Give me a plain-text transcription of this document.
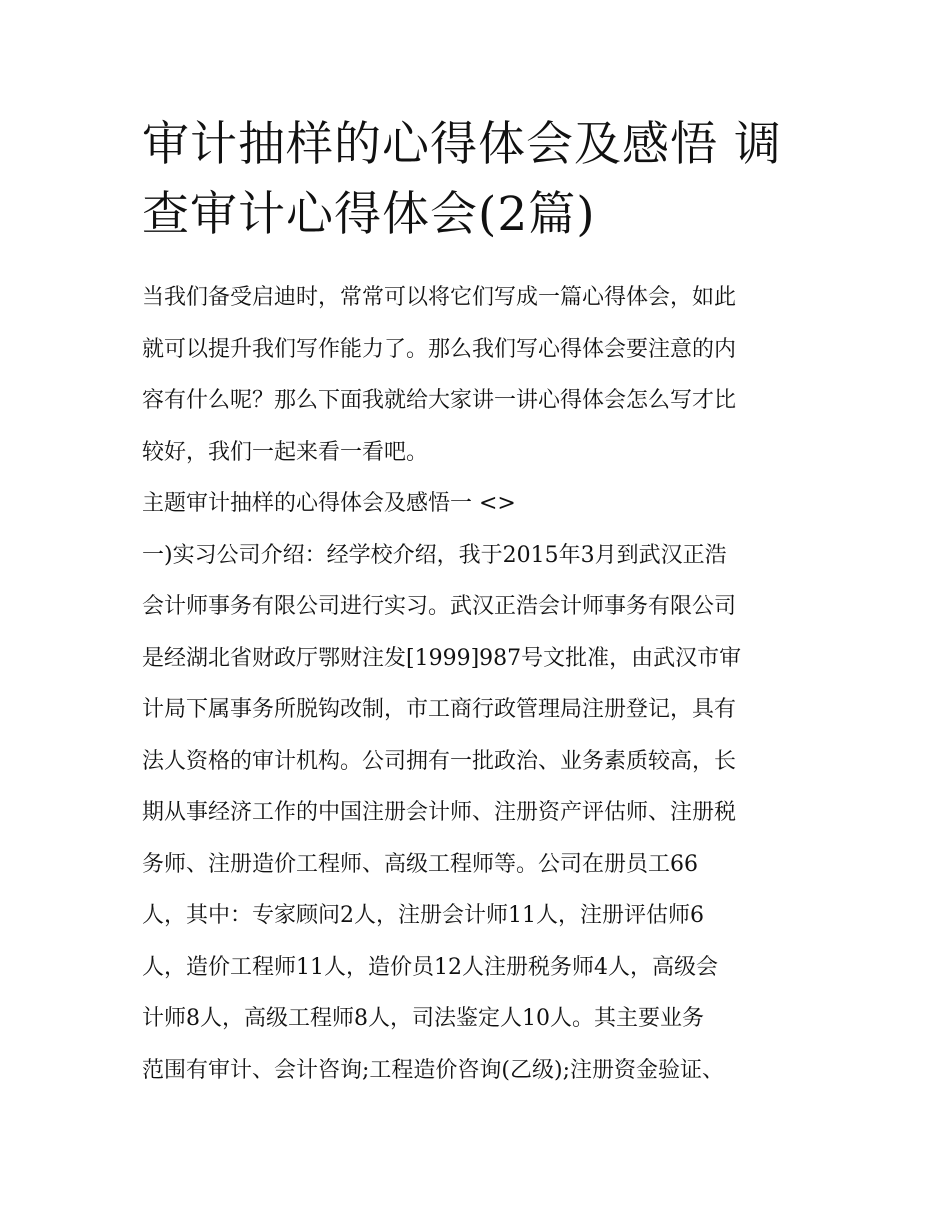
审计抽样的心得体会及感悟 调
查审计心得体会(2篇)
当我们备受启迪时，常常可以将它们写成一篇心得体会，如此
就可以提升我们写作能力了。那么我们写心得体会要注意的内
容有什么呢？那么下面我就给大家讲一讲心得体会怎么写才比
较好，我们一起来看一看吧。
主题审计抽样的心得体会及感悟一 <>
一)实习公司介绍：经学校介绍，我于2015年3月到武汉正浩
会计师事务有限公司进行实习。武汉正浩会计师事务有限公司
是经湖北省财政厅鄂财注发[1999]987号文批准，由武汉市审
计局下属事务所脱钩改制，市工商行政管理局注册登记，具有
法人资格的审计机构。公司拥有一批政治、业务素质较高，长
期从事经济工作的中国注册会计师、注册资产评估师、注册税
务师、注册造价工程师、高级工程师等。公司在册员工66
人，其中：专家顾问2人，注册会计师11人，注册评估师6
人，造价工程师11人，造价员12人注册税务师4人，高级会
计师8人，高级工程师8人，司法鉴定人10人。其主要业务
范围有审计、会计咨询;工程造价咨询(乙级);注册资金验证、
